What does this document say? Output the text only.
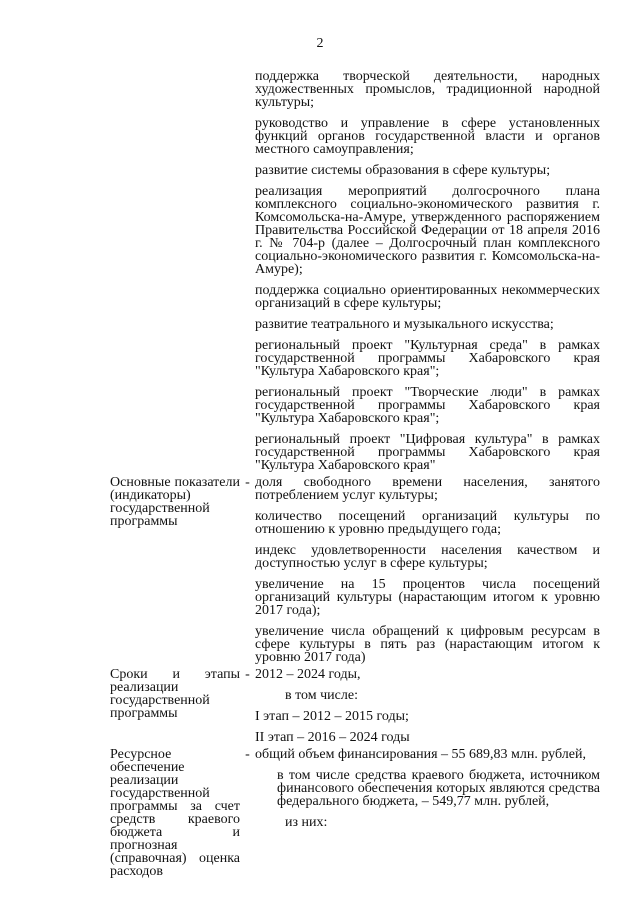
2

поддержка творческой деятельности, народных художественных промыслов, традиционной народной культуры;

руководство и управление в сфере установленных функций органов государственной власти и органов местного самоуправления;

развитие системы образования в сфере культуры;

реализация мероприятий долгосрочного плана комплексного социально-экономического развития г. Комсомольска-на-Амуре, утвержденного распоряжением Правительства Российской Федерации от 18 апреля 2016 г. № 704-р (далее – Долгосрочный план комплексного социально-экономического развития г. Комсомольска-на-Амуре);

поддержка социально ориентированных некоммерческих организаций в сфере культуры;

развитие театрального и музыкального искусства;

региональный проект "Культурная среда" в рамках государственной программы Хабаровского края "Культура Хабаровского края";

региональный проект "Творческие люди" в рамках государственной программы Хабаровского края "Культура Хабаровского края";

региональный проект "Цифровая культура" в рамках государственной программы Хабаровского края "Культура Хабаровского края"

Основные показатели (индикаторы) государственной программы
- доля свободного времени населения, занятого потреблением услуг культуры;

количество посещений организаций культуры по отношению к уровню предыдущего года;

индекс удовлетворенности населения качеством и доступностью услуг в сфере культуры;

увеличение на 15 процентов числа посещений организаций культуры (нарастающим итогом к уровню 2017 года);

увеличение числа обращений к цифровым ресурсам в сфере культуры в пять раз (нарастающим итогом к уровню 2017 года)

Сроки и этапы реализации государственной программы
- 2012 – 2024 годы,

в том числе:

I этап – 2012 – 2015 годы;

II этап – 2016 – 2024 годы

Ресурсное обеспечение реализации государственной программы за счет средств краевого бюджета и прогнозная (справочная) оценка расходов
- общий объем финансирования – 55 689,83 млн. рублей,

в том числе средства краевого бюджета, источником финансового обеспечения которых являются средства федерального бюджета, – 549,77 млн. рублей,

из них:
